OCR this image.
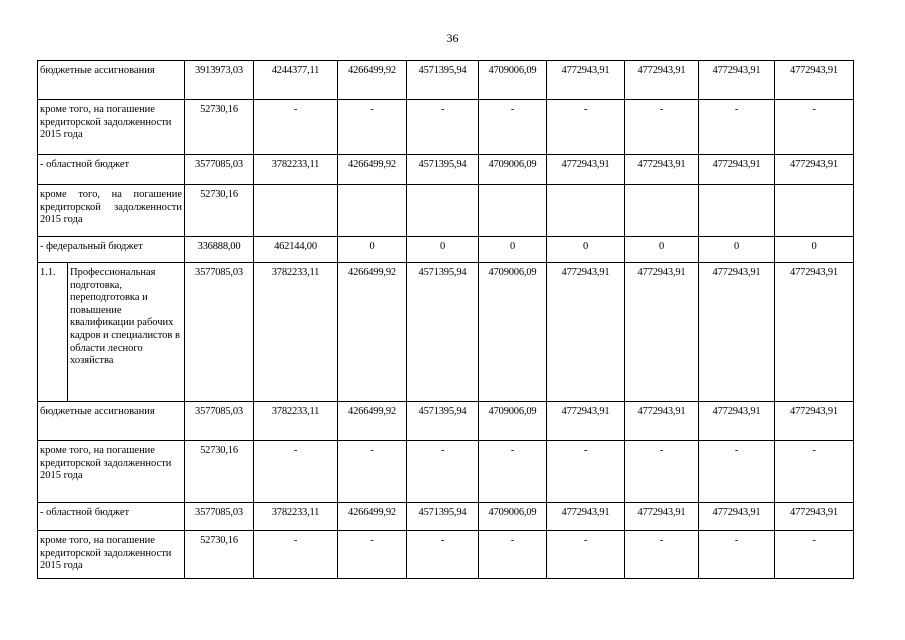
36
бюджетные ассигнования		3913973,03	4244377,11	4266499,92	4571395,94	4709006,09	4772943,91	4772943,91	4772943,91	4772943,91
кроме того, на погашение кредиторской задолженности 2015 года		52730,16	-	-	-	-	-	-	-	-
- областной бюджет		3577085,03	3782233,11	4266499,92	4571395,94	4709006,09	4772943,91	4772943,91	4772943,91	4772943,91
кроме того, на погашение кредиторской задолженности 2015 года		52730,16								
- федеральный бюджет		336888,00	462144,00	0	0	0	0	0	0	0
1.1.	Профессиональная подготовка, переподготовка и повышение квалификации рабочих кадров и специалистов в области лесного хозяйства	3577085,03	3782233,11	4266499,92	4571395,94	4709006,09	4772943,91	4772943,91	4772943,91	4772943,91
бюджетные ассигнования		3577085,03	3782233,11	4266499,92	4571395,94	4709006,09	4772943,91	4772943,91	4772943,91	4772943,91
кроме того, на погашение кредиторской задолженности 2015 года		52730,16	-	-	-	-	-	-	-	-
- областной бюджет		3577085,03	3782233,11	4266499,92	4571395,94	4709006,09	4772943,91	4772943,91	4772943,91	4772943,91
кроме того, на погашение кредиторской задолженности 2015 года		52730,16	-	-	-	-	-	-	-	-
